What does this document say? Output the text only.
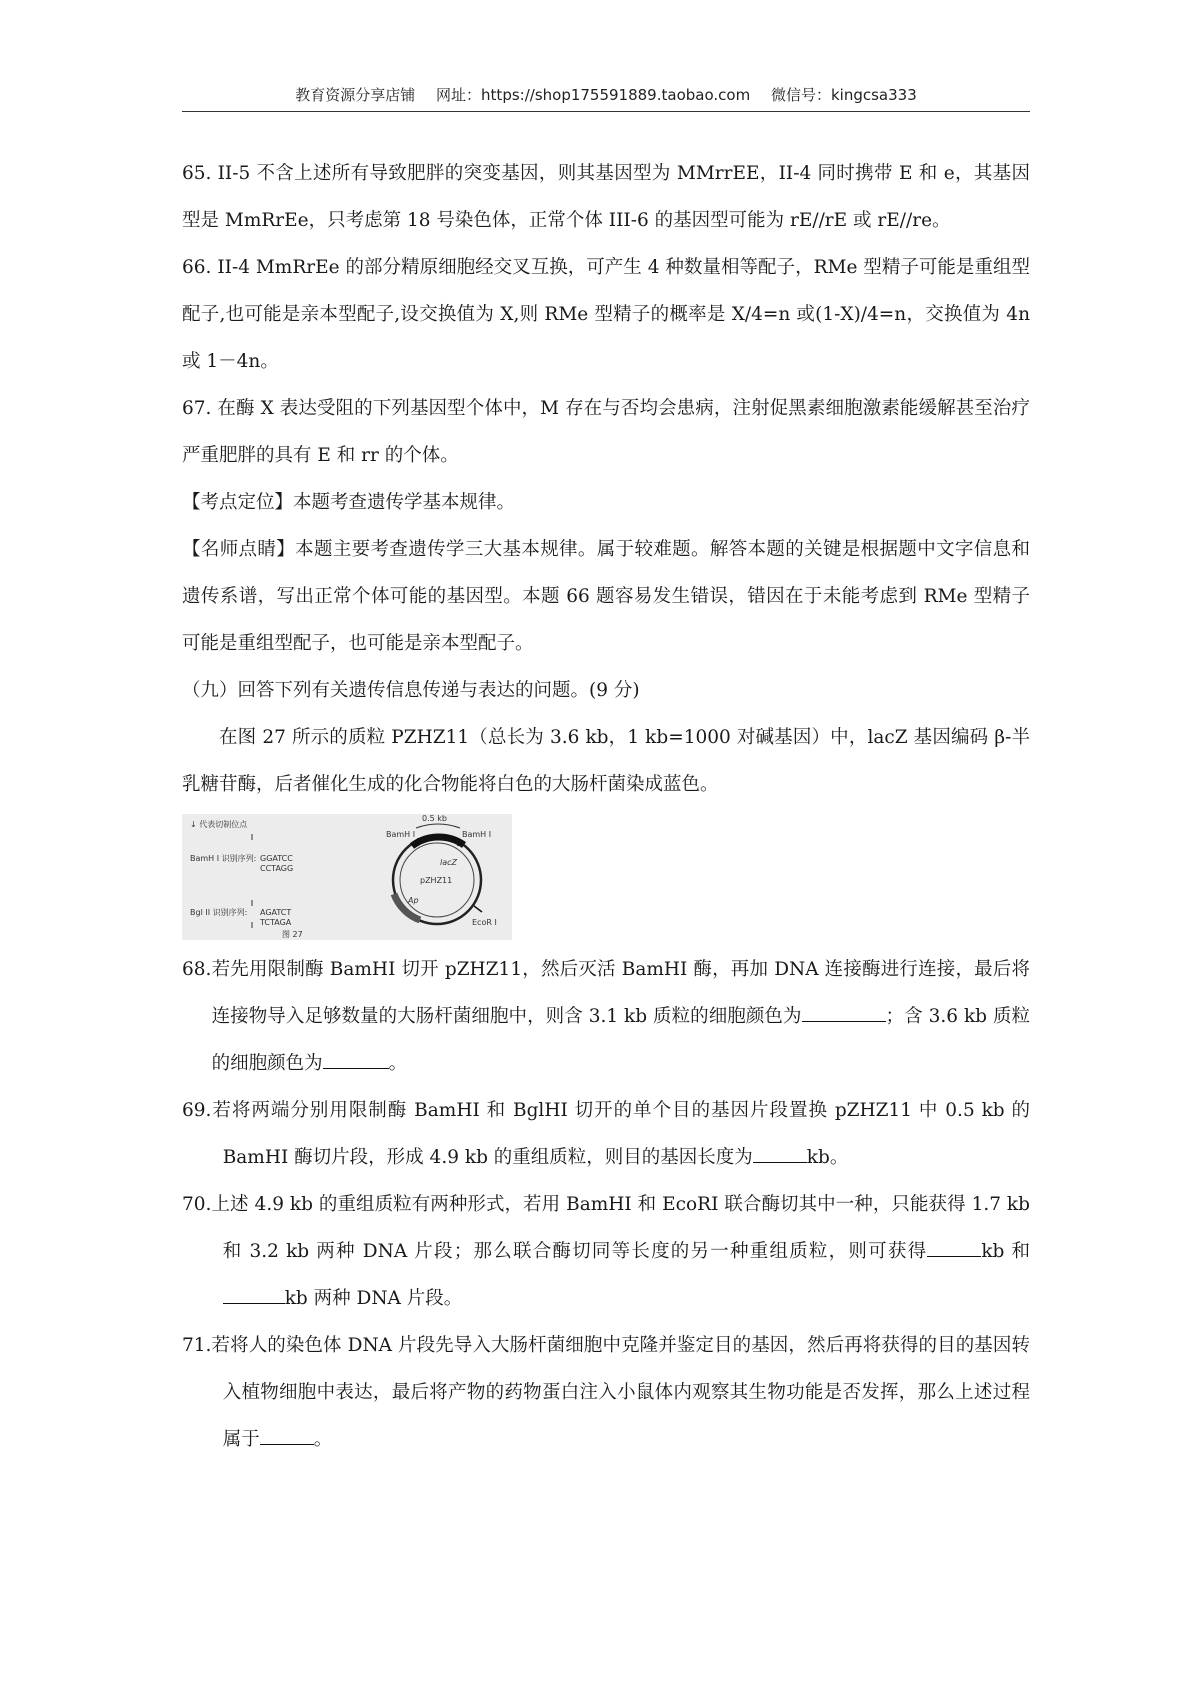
教育资源分享店铺 网址：https://shop175591889.taobao.com 微信号：kingcsa333

65. II-5 不含上述所有导致肥胖的突变基因，则其基因型为 MMrrEE，II-4 同时携带 E 和 e，其基因型是 MmRrEe，只考虑第 18 号染色体，正常个体 III-6 的基因型可能为 rE//rE 或 rE//re。

66. II-4 MmRrEe 的部分精原细胞经交叉互换，可产生 4 种数量相等配子，RMe 型精子可能是重组型配子,也可能是亲本型配子,设交换值为 X,则 RMe 型精子的概率是 X/4=n 或(1-X)/4=n，交换值为 4n 或 1－4n。

67. 在酶 X 表达受阻的下列基因型个体中，M 存在与否均会患病，注射促黑素细胞激素能缓解甚至治疗严重肥胖的具有 E 和 rr 的个体。

【考点定位】本题考查遗传学基本规律。

【名师点睛】本题主要考查遗传学三大基本规律。属于较难题。解答本题的关键是根据题中文字信息和遗传系谱，写出正常个体可能的基因型。本题 66 题容易发生错误，错因在于未能考虑到 RMe 型精子可能是重组型配子，也可能是亲本型配子。

（九）回答下列有关遗传信息传递与表达的问题。(9 分)

在图 27 所示的质粒 PZHZ11（总长为 3.6 kb，1 kb=1000 对碱基因）中，lacZ 基因编码 β-半乳糖苷酶，后者催化生成的化合物能将白色的大肠杆菌染成蓝色。

↓ 代表切制位点
BamH I 识别序列: GGATCC
CCTAGG
Bgl II 识别序列: AGATCT
TCTAGA
图 27
0.5 kb
BamH I	BamH I
lacZ
pZHZ11
Ap
EcoR I

68.若先用限制酶 BamHI 切开 pZHZ11，然后灭活 BamHI 酶，再加 DNA 连接酶进行连接，最后将连接物导入足够数量的大肠杆菌细胞中，则含 3.1 kb 质粒的细胞颜色为	；含 3.6 kb 质粒的细胞颜色为	。

69.若将两端分别用限制酶 BamHI 和 BglHI 切开的单个目的基因片段置换 pZHZ11 中 0.5 kb 的 BamHI 酶切片段，形成 4.9 kb 的重组质粒，则目的基因长度为	kb。

70.上述 4.9 kb 的重组质粒有两种形式，若用 BamHI 和 EcoRI 联合酶切其中一种，只能获得 1.7 kb 和 3.2 kb 两种 DNA 片段；那么联合酶切同等长度的另一种重组质粒，则可获得	kb 和kb 两种 DNA 片段。

71.若将人的染色体 DNA 片段先导入大肠杆菌细胞中克隆并鉴定目的基因，然后再将获得的目的基因转入植物细胞中表达，最后将产物的药物蛋白注入小鼠体内观察其生物功能是否发挥，那么上述过程属于	。
